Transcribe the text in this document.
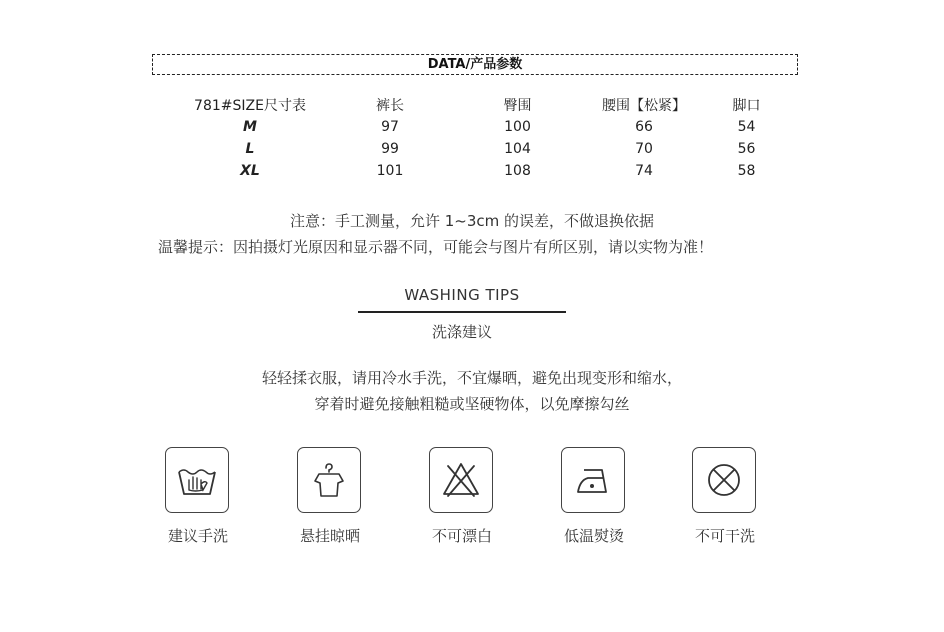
DATA/产品参数
781#SIZE尺寸表	裤长	臀围	腰围【松紧】	脚口
M	97	100	66	54
L	99	104	70	56
XL	101	108	74	58
注意：手工测量，允许 1~3cm 的误差，不做退换依据
温馨提示：因拍摄灯光原因和显示器不同，可能会与图片有所区别，请以实物为准！
WASHING TIPS
洗涤建议
轻轻揉衣服，请用冷水手洗，不宜爆晒，避免出现变形和缩水，
穿着时避免接触粗糙或坚硬物体，以免摩擦勾丝
建议手洗	悬挂晾晒	不可漂白	低温熨烫	不可干洗
